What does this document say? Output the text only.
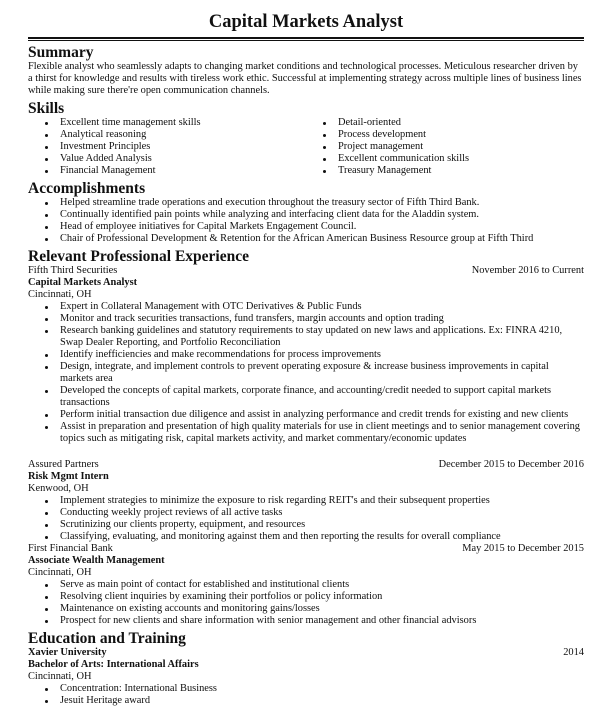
Capital Markets Analyst
Summary

Flexible analyst who seamlessly adapts to changing market conditions and technological processes. Meticulous researcher driven by a thirst for knowledge and results with tireless work ethic. Successful at implementing strategy across multiple lines of business lines while making sure there're open communication channels.

Skills
Excellent time management skills
Analytical reasoning
Investment Principles
Value Added Analysis
Financial Management
Detail-oriented
Process development
Project management
Excellent communication skills
Treasury Management
Accomplishments
Helped streamline trade operations and execution throughout the treasury sector of Fifth Third Bank.
Continually identified pain points while analyzing and interfacing client data for the Aladdin system.
Head of employee initiatives for Capital Markets Engagement Council.
Chair of Professional Development & Retention for the African American Business Resource group at Fifth Third
Relevant Professional Experience
Fifth Third Securities	November 2016 to Current
Capital Markets Analyst
Cincinnati, OH
Expert in Collateral Management with OTC Derivatives & Public Funds
Monitor and track securities transactions, fund transfers, margin accounts and option trading
Research banking guidelines and statutory requirements to stay updated on new laws and applications. Ex: FINRA 4210, Swap Dealer Reporting, and Portfolio Reconciliation
Identify inefficiencies and make recommendations for process improvements
Design, integrate, and implement controls to prevent operating exposure & increase business improvements in capital markets area
Developed the concepts of capital markets, corporate finance, and accounting/credit needed to support capital markets transactions
Perform initial transaction due diligence and assist in analyzing performance and credit trends for existing and new clients
Assist in preparation and presentation of high quality materials for use in client meetings and to senior management covering topics such as mitigating risk, capital markets activity, and market commentary/economic updates
Assured Partners	December 2015 to December 2016
Risk Mgmt Intern
Kenwood, OH
Implement strategies to minimize the exposure to risk regarding REIT's and their subsequent properties
Conducting weekly project reviews of all active tasks
Scrutinizing our clients property, equipment, and resources
Classifying, evaluating, and monitoring against them and then reporting the results for overall compliance
First Financial Bank	May 2015 to December 2015
Associate Wealth Management
Cincinnati, OH
Serve as main point of contact for established and institutional clients
Resolving client inquiries by examining their portfolios or policy information
Maintenance on existing accounts and monitoring gains/losses
Prospect for new clients and share information with senior management and other financial advisors
Education and Training
Xavier University	2014
Bachelor of Arts: International Affairs
Cincinnati, OH
Concentration: International Business
Jesuit Heritage award
